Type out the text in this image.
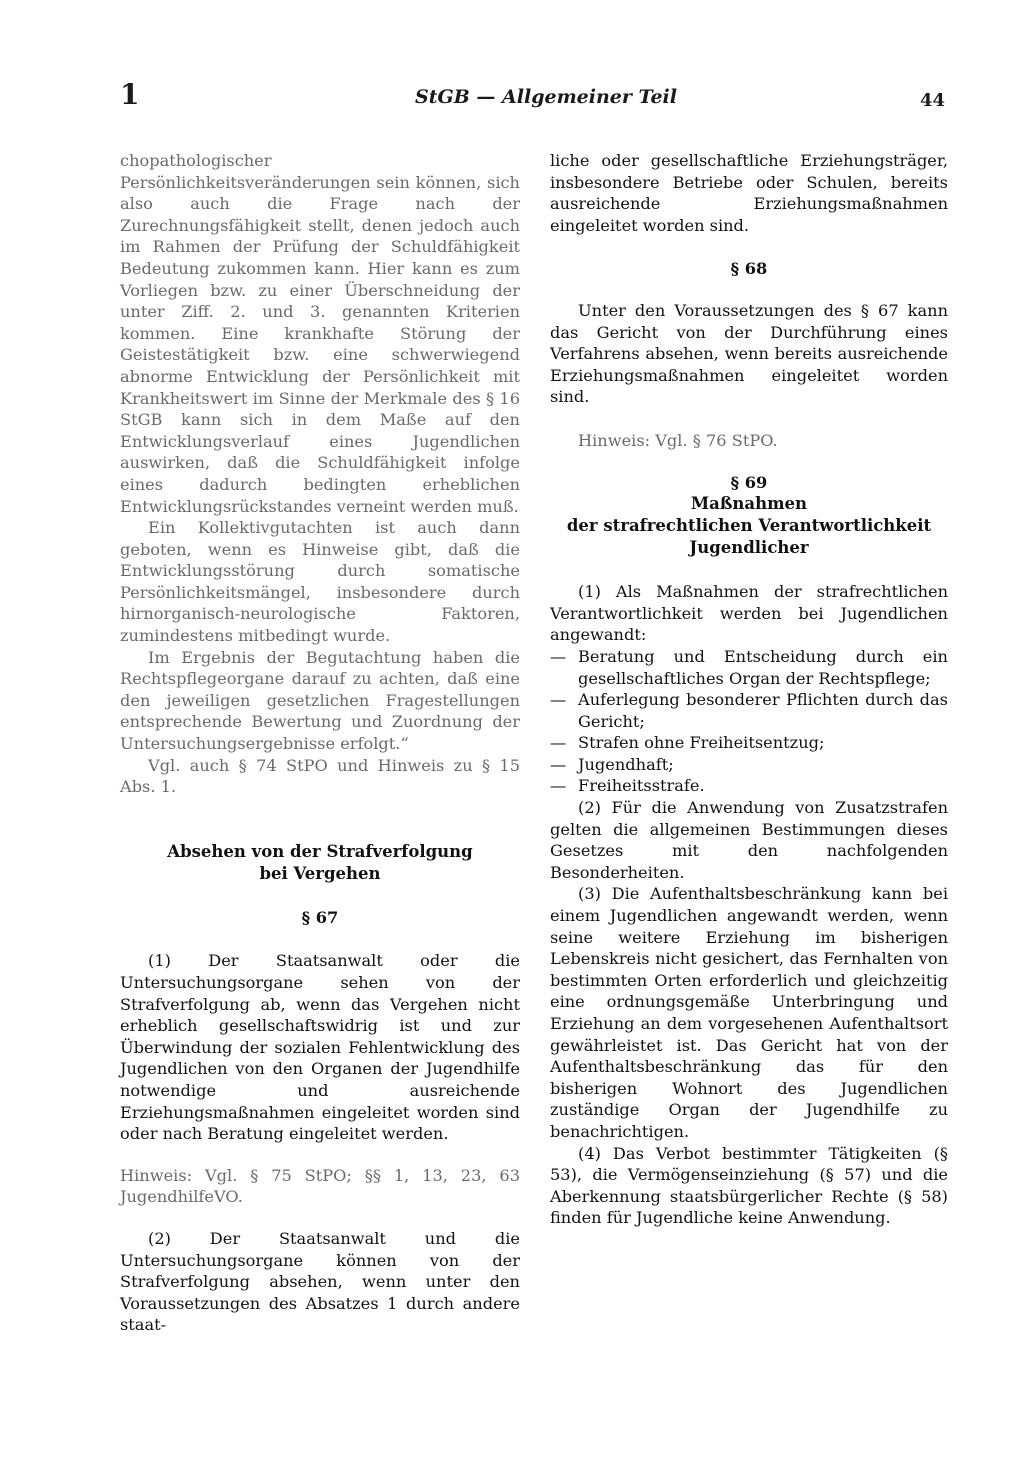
1	StGB — Allgemeiner Teil	44

chopathologischer Persönlichkeitsveränderungen sein können, sich also auch die Frage nach der Zurechnungsfähigkeit stellt, denen jedoch auch im Rahmen der Prüfung der Schuldfähigkeit Bedeutung zukommen kann. Hier kann es zum Vorliegen bzw. zu einer Überschneidung der unter Ziff. 2. und 3. genannten Kriterien kommen. Eine krankhafte Störung der Geistestätigkeit bzw. eine schwerwiegend abnorme Entwicklung der Persönlichkeit mit Krankheitswert im Sinne der Merkmale des § 16 StGB kann sich in dem Maße auf den Entwicklungsverlauf eines Jugendlichen auswirken, daß die Schuldfähigkeit infolge eines dadurch bedingten erheblichen Entwicklungsrückstandes verneint werden muß.

Ein Kollektivgutachten ist auch dann geboten, wenn es Hinweise gibt, daß die Entwicklungsstörung durch somatische Persönlichkeitsmängel, insbesondere durch hirnorganisch-neurologische Faktoren, zumindestens mitbedingt wurde.

Im Ergebnis der Begutachtung haben die Rechtspflegeorgane darauf zu achten, daß eine den jeweiligen gesetzlichen Fragestellungen entsprechende Bewertung und Zuordnung der Untersuchungsergebnisse erfolgt.“

Vgl. auch § 74 StPO und Hinweis zu § 15 Abs. 1.

Absehen von der Strafverfolgung

bei Vergehen

§ 67

(1) Der Staatsanwalt oder die Untersuchungsorgane sehen von der Strafverfolgung ab, wenn das Vergehen nicht erheblich gesellschaftswidrig ist und zur Überwindung der sozialen Fehlentwicklung des Jugendlichen von den Organen der Jugendhilfe notwendige und ausreichende Erziehungsmaßnahmen eingeleitet worden sind oder nach Beratung eingeleitet werden.

Hinweis: Vgl. § 75 StPO; §§ 1, 13, 23, 63 JugendhilfeVO.

(2) Der Staatsanwalt und die Untersuchungsorgane können von der Strafverfolgung absehen, wenn unter den Voraussetzungen des Absatzes 1 durch andere staat-

liche oder gesellschaftliche Erziehungsträger, insbesondere Betriebe oder Schulen, bereits ausreichende Erziehungsmaßnahmen eingeleitet worden sind.

§ 68

Unter den Voraussetzungen des § 67 kann das Gericht von der Durchführung eines Verfahrens absehen, wenn bereits ausreichende Erziehungsmaßnahmen eingeleitet worden sind.

Hinweis: Vgl. § 76 StPO.

§ 69

Maßnahmen

der strafrechtlichen Verantwortlichkeit

Jugendlicher

(1) Als Maßnahmen der strafrechtlichen Verantwortlichkeit werden bei Jugendlichen angewandt:

— Beratung und Entscheidung durch ein gesellschaftliches Organ der Rechtspflege;
— Auferlegung besonderer Pflichten durch das Gericht;
— Strafen ohne Freiheitsentzug;
— Jugendhaft;
— Freiheitsstrafe.

(2) Für die Anwendung von Zusatzstrafen gelten die allgemeinen Bestimmungen dieses Gesetzes mit den nachfolgenden Besonderheiten.

(3) Die Aufenthaltsbeschränkung kann bei einem Jugendlichen angewandt werden, wenn seine weitere Erziehung im bisherigen Lebenskreis nicht gesichert, das Fernhalten von bestimmten Orten erforderlich und gleichzeitig eine ordnungsgemäße Unterbringung und Erziehung an dem vorgesehenen Aufenthaltsort gewährleistet ist. Das Gericht hat von der Aufenthaltsbeschränkung das für den bisherigen Wohnort des Jugendlichen zuständige Organ der Jugendhilfe zu benachrichtigen.

(4) Das Verbot bestimmter Tätigkeiten (§ 53), die Vermögenseinziehung (§ 57) und die Aberkennung staatsbürgerlicher Rechte (§ 58) finden für Jugendliche keine Anwendung.
